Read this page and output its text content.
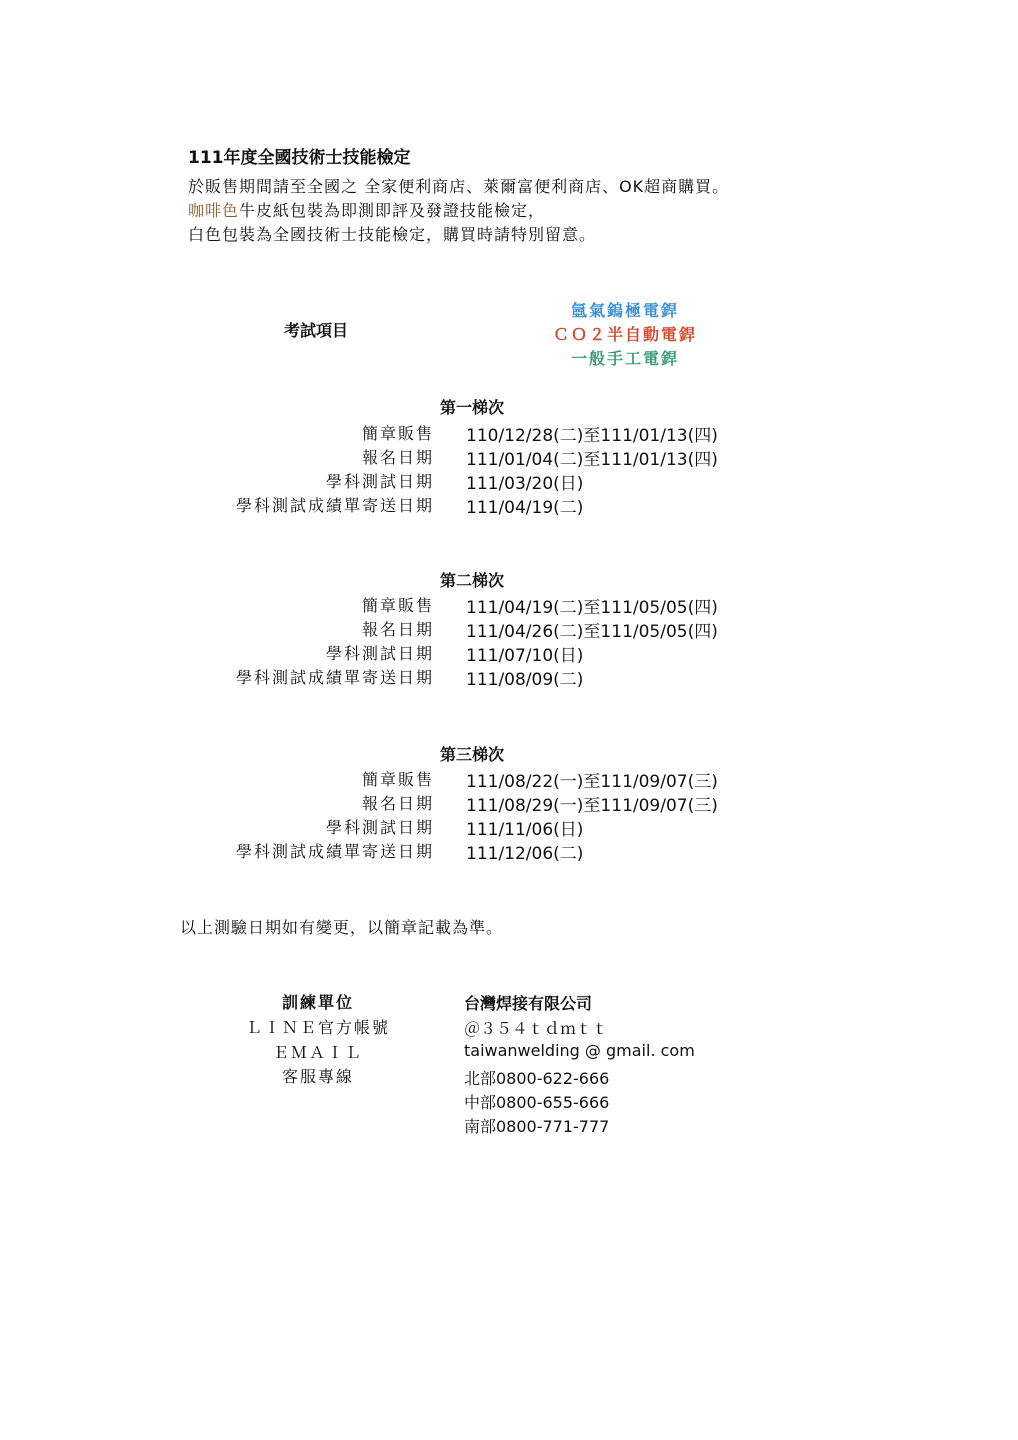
111年度全國技術士技能檢定
於販售期間請至全國之 全家便利商店、萊爾富便利商店、OK超商購買。
咖啡色牛皮紙包裝為即測即評及發證技能檢定，
白色包裝為全國技術士技能檢定，購買時請特別留意。
考試項目
氬氣鎢極電銲
ＣＯ２半自動電銲
一般手工電銲
第一梯次
簡章販售 110/12/28(二)至111/01/13(四)
報名日期 111/01/04(二)至111/01/13(四)
學科測試日期 111/03/20(日)
學科測試成績單寄送日期 111/04/19(二)
第二梯次
簡章販售 111/04/19(二)至111/05/05(四)
報名日期 111/04/26(二)至111/05/05(四)
學科測試日期 111/07/10(日)
學科測試成績單寄送日期 111/08/09(二)
第三梯次
簡章販售 111/08/22(一)至111/09/07(三)
報名日期 111/08/29(一)至111/09/07(三)
學科測試日期 111/11/06(日)
學科測試成績單寄送日期 111/12/06(二)
以上測驗日期如有變更，以簡章記載為準。
訓練單位	台灣焊接有限公司
ＬＩＮＥ官方帳號	＠３５４ｔｄｍｔｔ
ＥＭＡＩＬ	taiwanwelding @ gmail. com
客服專線	北部0800-622-666
中部0800-655-666
南部0800-771-777
